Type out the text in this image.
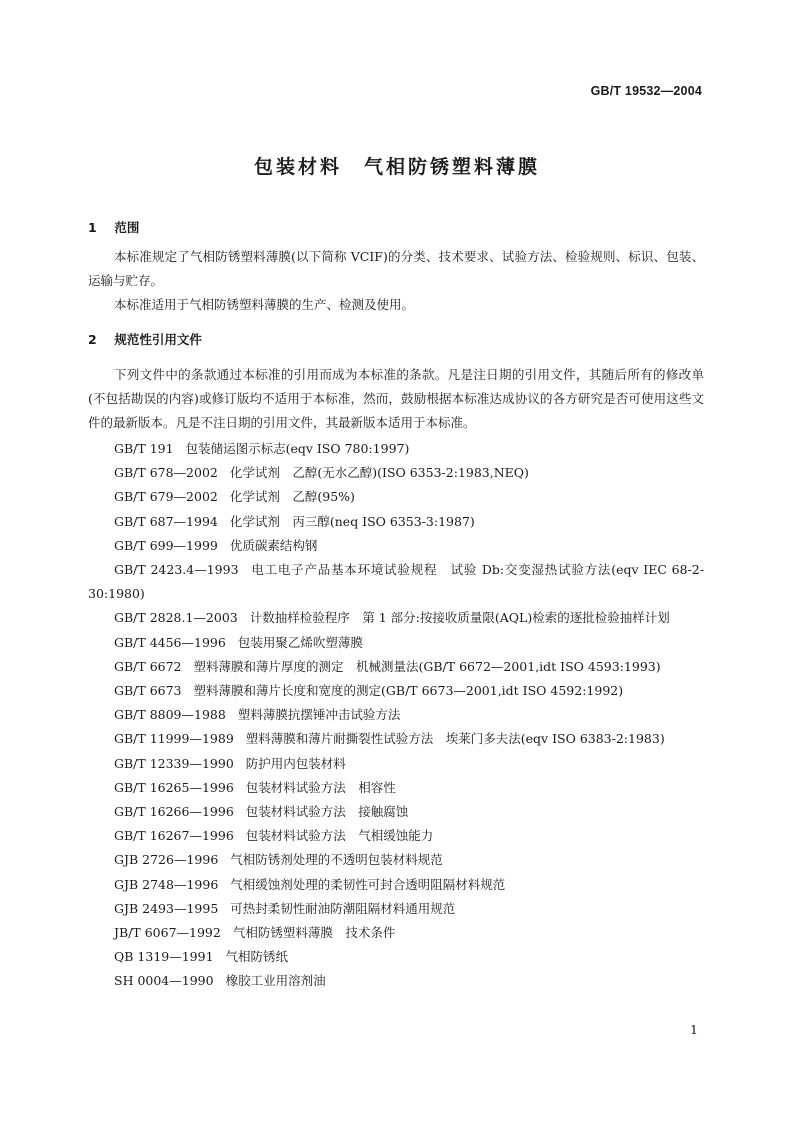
GB/T 19532—2004
包装材料　气相防锈塑料薄膜
1 范围
本标准规定了气相防锈塑料薄膜(以下简称 VCIF)的分类、技术要求、试验方法、检验规则、标识、包装、运输与贮存。
本标准适用于气相防锈塑料薄膜的生产、检测及使用。
2 规范性引用文件
下列文件中的条款通过本标准的引用而成为本标准的条款。凡是注日期的引用文件，其随后所有的修改单(不包括勘误的内容)或修订版均不适用于本标准，然而，鼓励根据本标准达成协议的各方研究是否可使用这些文件的最新版本。凡是不注日期的引用文件，其最新版本适用于本标准。
GB/T 191 包装储运图示标志(eqv ISO 780:1997)
GB/T 678—2002 化学试剂　乙醇(无水乙醇)(ISO 6353-2:1983,NEQ)
GB/T 679—2002 化学试剂　乙醇(95%)
GB/T 687—1994 化学试剂　丙三醇(neq ISO 6353-3:1987)
GB/T 699—1999 优质碳素结构钢
GB/T 2423.4—1993 电工电子产品基本环境试验规程　试验 Db:交变湿热试验方法(eqv IEC 68-2-30:1980)
GB/T 2828.1—2003 计数抽样检验程序　第 1 部分:按接收质量限(AQL)检索的逐批检验抽样计划
GB/T 4456—1996 包装用聚乙烯吹塑薄膜
GB/T 6672 塑料薄膜和薄片厚度的测定　机械测量法(GB/T 6672—2001,idt ISO 4593:1993)
GB/T 6673 塑料薄膜和薄片长度和宽度的测定(GB/T 6673—2001,idt ISO 4592:1992)
GB/T 8809—1988 塑料薄膜抗摆锤冲击试验方法
GB/T 11999—1989 塑料薄膜和薄片耐撕裂性试验方法　埃莱门多夫法(eqv ISO 6383-2:1983)
GB/T 12339—1990 防护用内包装材料
GB/T 16265—1996 包装材料试验方法　相容性
GB/T 16266—1996 包装材料试验方法　接触腐蚀
GB/T 16267—1996 包装材料试验方法　气相缓蚀能力
GJB 2726—1996 气相防锈剂处理的不透明包装材料规范
GJB 2748—1996 气相缓蚀剂处理的柔韧性可封合透明阻隔材料规范
GJB 2493—1995 可热封柔韧性耐油防潮阻隔材料通用规范
JB/T 6067—1992 气相防锈塑料薄膜　技术条件
QB 1319—1991 气相防锈纸
SH 0004—1990 橡胶工业用溶剂油
1
